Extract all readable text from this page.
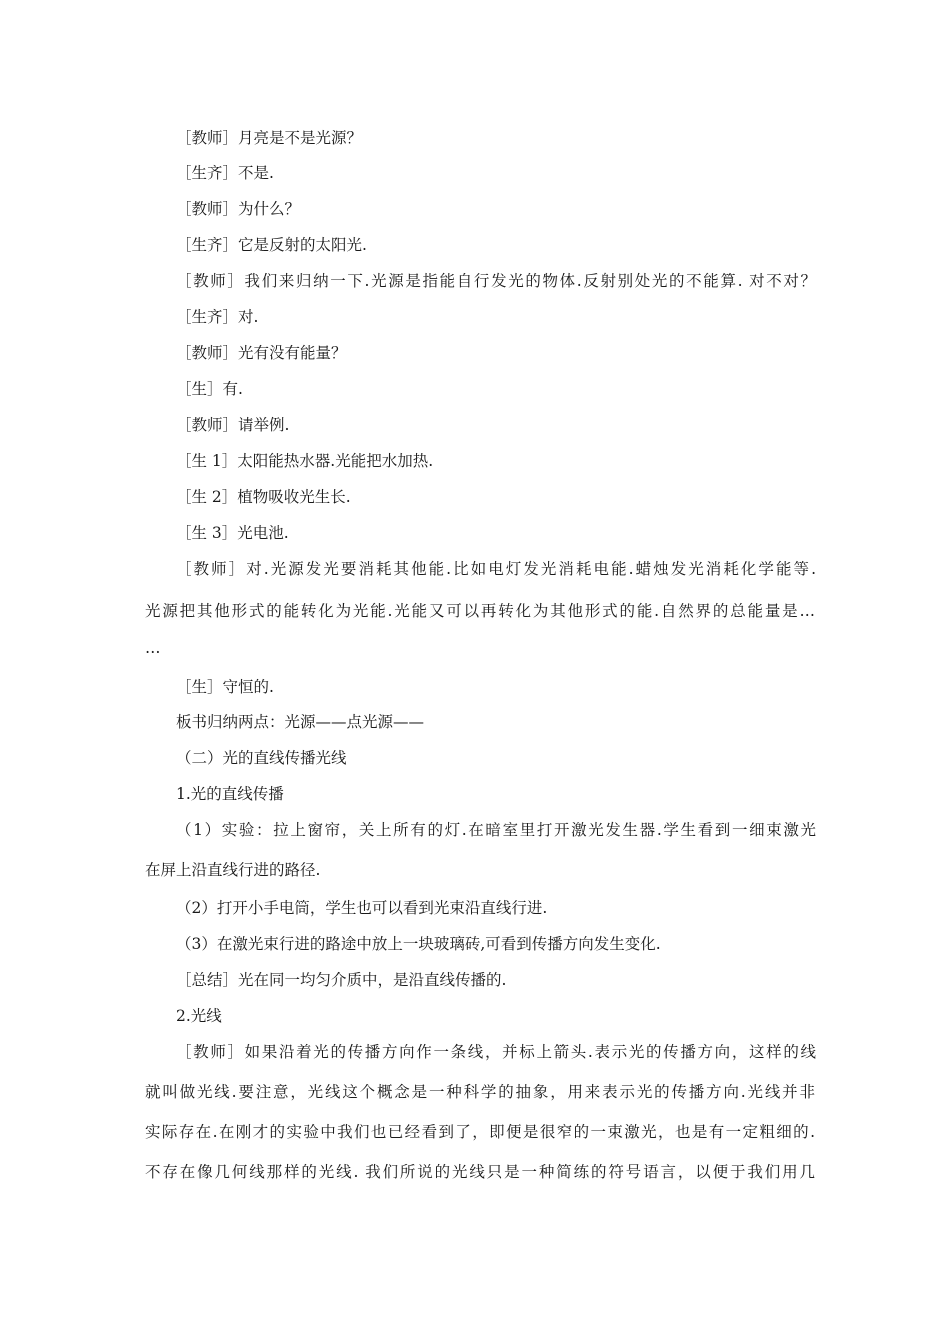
［教师］月亮是不是光源？
［生齐］不是.
［教师］为什么？
［生齐］它是反射的太阳光.
［教师］我们来归纳一下.光源是指能自行发光的物体.反射别处光的不能算. 对不对？
［生齐］对.
［教师］光有没有能量？
［生］有.
［教师］请举例.
［生 1］太阳能热水器.光能把水加热.
［生 2］植物吸收光生长.
［生 3］光电池.
［教师］对.光源发光要消耗其他能.比如电灯发光消耗电能.蜡烛发光消耗化学能等.
光源把其他形式的能转化为光能.光能又可以再转化为其他形式的能.自然界的总能量是…
…
［生］守恒的.
板书归纳两点：光源——点光源——
（二）光的直线传播光线
1.光的直线传播
（1）实验：拉上窗帘，关上所有的灯.在暗室里打开激光发生器.学生看到一细束激光
在屏上沿直线行进的路径.
（2）打开小手电筒，学生也可以看到光束沿直线行进.
（3）在激光束行进的路途中放上一块玻璃砖,可看到传播方向发生变化.
［总结］光在同一均匀介质中，是沿直线传播的.
2.光线
［教师］如果沿着光的传播方向作一条线，并标上箭头.表示光的传播方向，这样的线
就叫做光线.要注意，光线这个概念是一种科学的抽象，用来表示光的传播方向.光线并非
实际存在.在刚才的实验中我们也已经看到了，即便是很窄的一束激光，也是有一定粗细的.
不存在像几何线那样的光线. 我们所说的光线只是一种简练的符号语言，以便于我们用几
